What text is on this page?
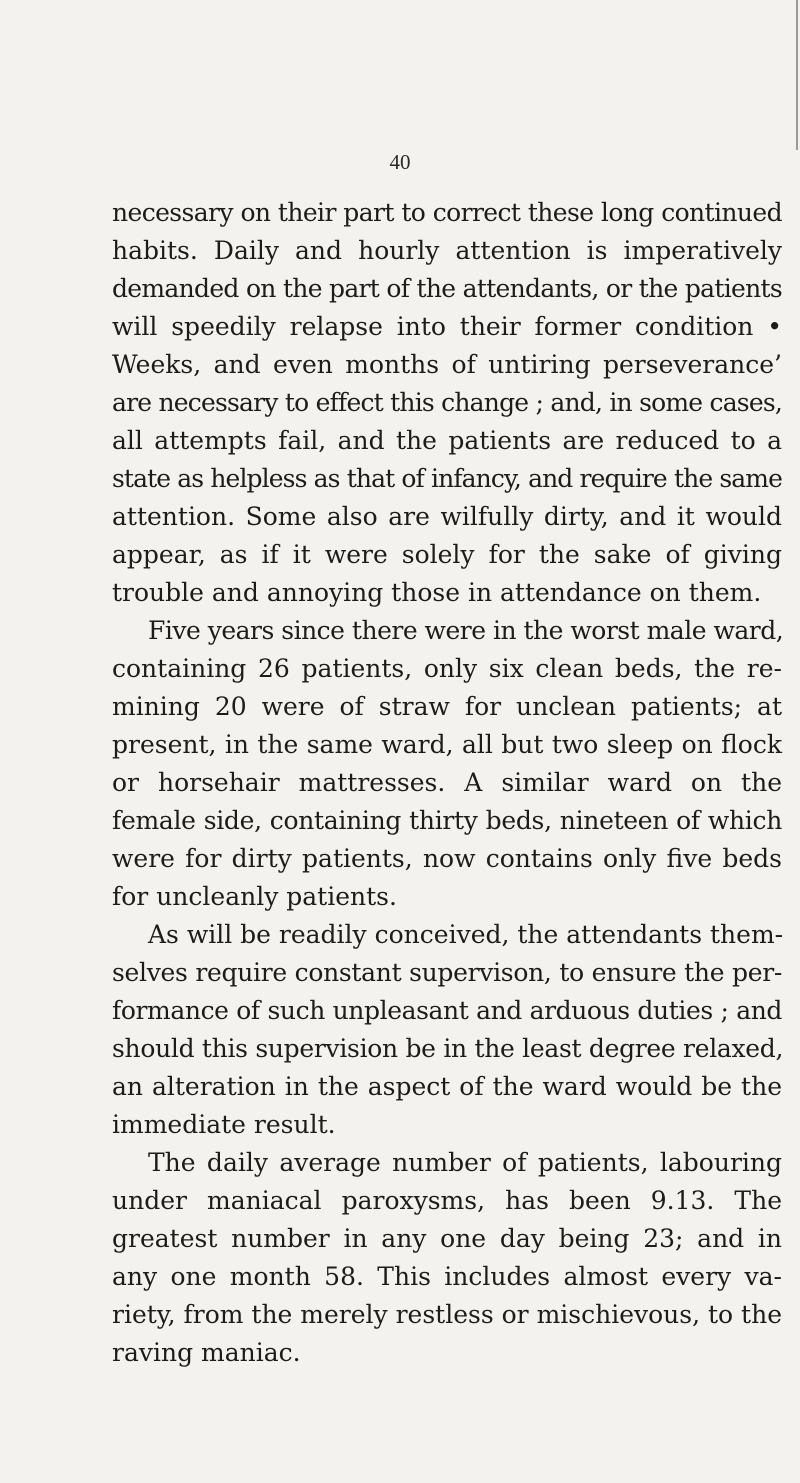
40
necessary on their part to correct these long continued
habits. Daily and hourly attention is imperatively
demanded on the part of the attendants, or the patients
will speedily relapse into their former condition •
Weeks, and even months of untiring perseverance’
are necessary to effect this change ; and, in some cases,
all attempts fail, and the patients are reduced to a
state as helpless as that of infancy, and require the same
attention. Some also are wilfully dirty, and it would
appear, as if it were solely for the sake of giving
trouble and annoying those in attendance on them.
Five years since there were in the worst male ward,
containing 26 patients, only six clean beds, the re-
mining 20 were of straw for unclean patients; at
present, in the same ward, all but two sleep on flock
or horsehair mattresses. A similar ward on the
female side, containing thirty beds, nineteen of which
were for dirty patients, now contains only five beds
for uncleanly patients.
As will be readily conceived, the attendants them-
selves require constant supervison, to ensure the per-
formance of such unpleasant and arduous duties ; and
should this supervision be in the least degree relaxed,
an alteration in the aspect of the ward would be the
immediate result.
The daily average number of patients, labouring
under maniacal paroxysms, has been 9.13. The
greatest number in any one day being 23; and in
any one month 58. This includes almost every va-
riety, from the merely restless or mischievous, to the
raving maniac.
